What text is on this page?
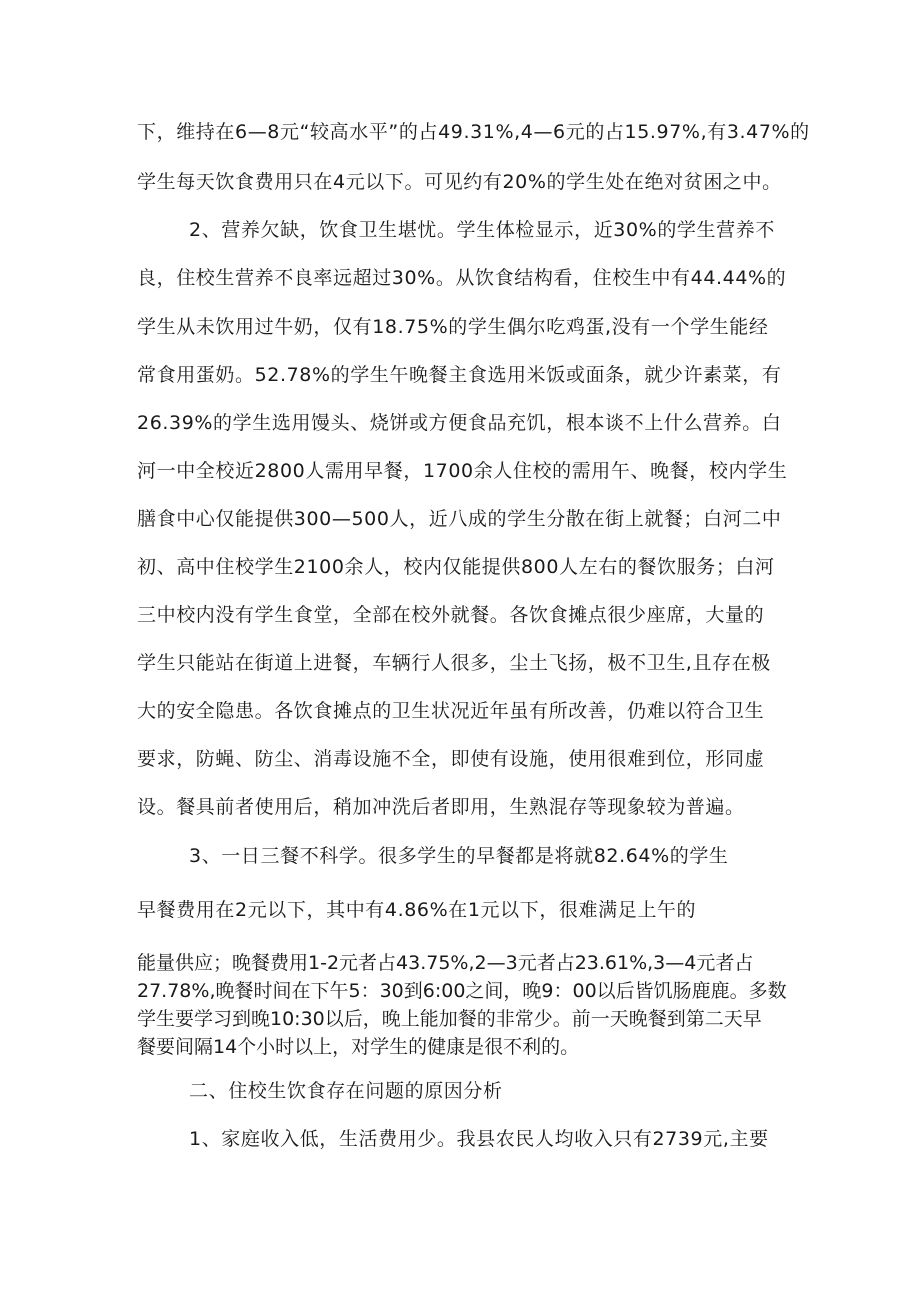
下，维持在6—8元“较高水平”的占49.31%,4—6元的占15.97%,有3.47%的
学生每天饮食费用只在4元以下。可见约有20%的学生处在绝对贫困之中。
2、营养欠缺，饮食卫生堪忧。学生体检显示，近30%的学生营养不
良，住校生营养不良率远超过30%。从饮食结构看，住校生中有44.44%的
学生从未饮用过牛奶，仅有18.75%的学生偶尔吃鸡蛋,没有一个学生能经
常食用蛋奶。52.78%的学生午晚餐主食选用米饭或面条，就少许素菜，有
26.39%的学生选用馒头、烧饼或方便食品充饥，根本谈不上什么营养。白
河一中全校近2800人需用早餐，1700余人住校的需用午、晚餐，校内学生
膳食中心仅能提供300—500人，近八成的学生分散在街上就餐；白河二中
初、高中住校学生2100余人，校内仅能提供800人左右的餐饮服务；白河
三中校内没有学生食堂，全部在校外就餐。各饮食摊点很少座席，大量的
学生只能站在街道上进餐，车辆行人很多，尘土飞扬，极不卫生,且存在极
大的安全隐患。各饮食摊点的卫生状况近年虽有所改善，仍难以符合卫生
要求，防蝇、防尘、消毒设施不全，即使有设施，使用很难到位，形同虚
设。餐具前者使用后，稍加冲洗后者即用，生熟混存等现象较为普遍。
3、一日三餐不科学。很多学生的早餐都是将就82.64%的学生
早餐费用在2元以下，其中有4.86%在1元以下，很难满足上午的
能量供应；晚餐费用1-2元者占43.75%,2—3元者占23.61%,3—4元者占
27.78%,晚餐时间在下午5：30到6:00之间，晚9：00以后皆饥肠鹿鹿。多数
学生要学习到晚10:30以后，晚上能加餐的非常少。前一天晚餐到第二天早
餐要间隔14个小时以上，对学生的健康是很不利的。
二、住校生饮食存在问题的原因分析
1、家庭收入低，生活费用少。我县农民人均收入只有2739元,主要
